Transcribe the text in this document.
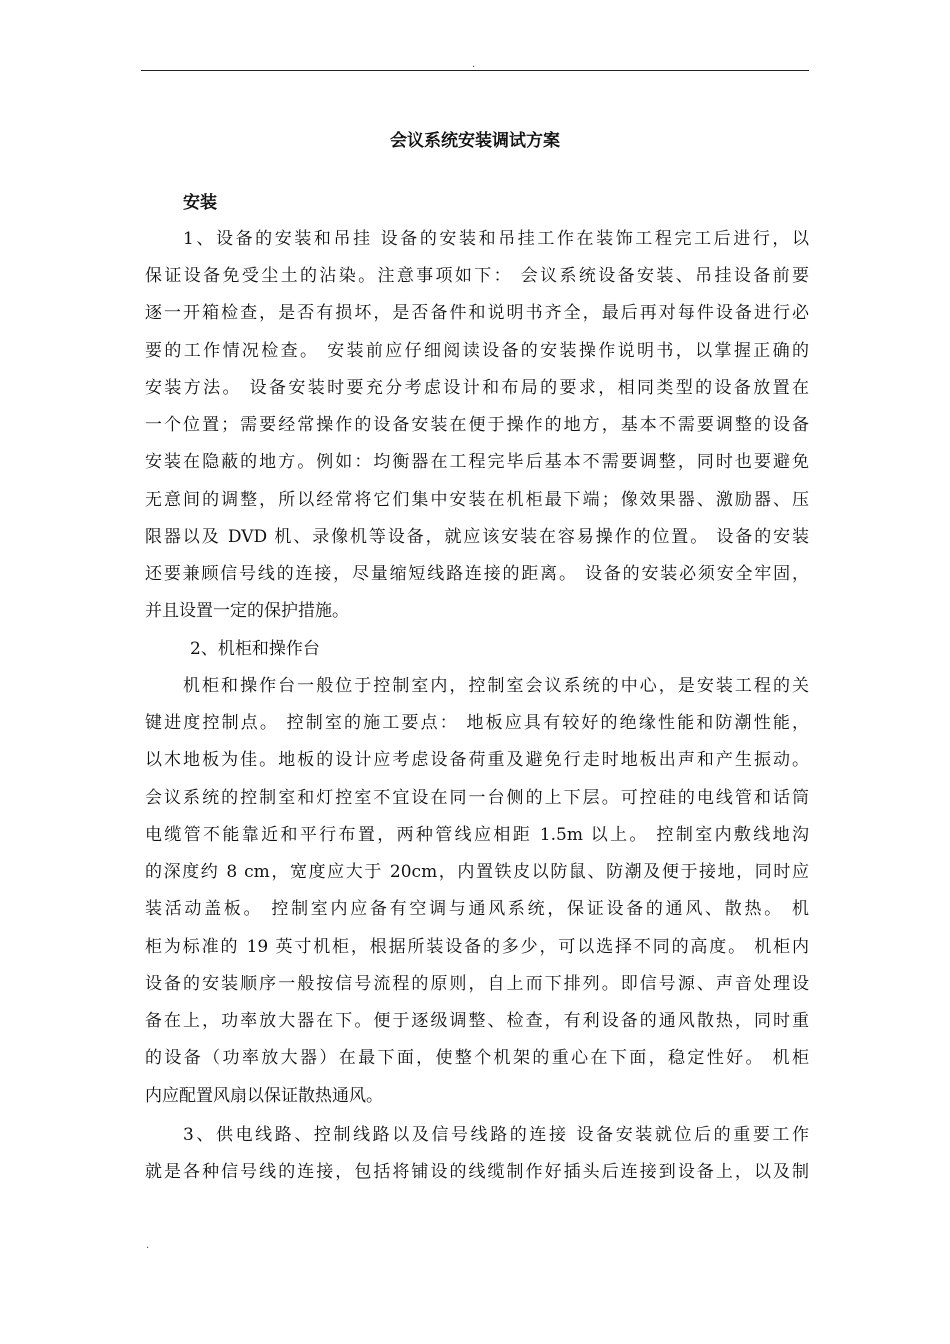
.
会议系统安装调试方案
安装
1、设备的安装和吊挂 设备的安装和吊挂工作在装饰工程完工后进行，以
保证设备免受尘土的沾染。注意事项如下： 会议系统设备安装、吊挂设备前要
逐一开箱检查，是否有损坏，是否备件和说明书齐全，最后再对每件设备进行必
要的工作情况检查。 安装前应仔细阅读设备的安装操作说明书，以掌握正确的
安装方法。 设备安装时要充分考虑设计和布局的要求，相同类型的设备放置在
一个位置；需要经常操作的设备安装在便于操作的地方，基本不需要调整的设备
安装在隐蔽的地方。例如：均衡器在工程完毕后基本不需要调整，同时也要避免
无意间的调整，所以经常将它们集中安装在机柜最下端；像效果器、激励器、压
限器以及 DVD 机、录像机等设备，就应该安装在容易操作的位置。 设备的安装
还要兼顾信号线的连接，尽量缩短线路连接的距离。 设备的安装必须安全牢固，
并且设置一定的保护措施。
2、机柜和操作台
机柜和操作台一般位于控制室内，控制室会议系统的中心，是安装工程的关
键进度控制点。 控制室的施工要点： 地板应具有较好的绝缘性能和防潮性能，
以木地板为佳。地板的设计应考虑设备荷重及避免行走时地板出声和产生振动。
会议系统的控制室和灯控室不宜设在同一台侧的上下层。可控硅的电线管和话筒
电缆管不能靠近和平行布置，两种管线应相距 1.5m 以上。 控制室内敷线地沟
的深度约 8 cm，宽度应大于 20cm，内置铁皮以防鼠、防潮及便于接地，同时应
装活动盖板。 控制室内应备有空调与通风系统，保证设备的通风、散热。 机
柜为标准的 19 英寸机柜，根据所装设备的多少，可以选择不同的高度。 机柜内
设备的安装顺序一般按信号流程的原则，自上而下排列。即信号源、声音处理设
备在上，功率放大器在下。便于逐级调整、检查，有利设备的通风散热，同时重
的设备（功率放大器）在最下面，使整个机架的重心在下面，稳定性好。 机柜
内应配置风扇以保证散热通风。
3、供电线路、控制线路以及信号线路的连接 设备安装就位后的重要工作
就是各种信号线的连接，包括将铺设的线缆制作好插头后连接到设备上，以及制
.
